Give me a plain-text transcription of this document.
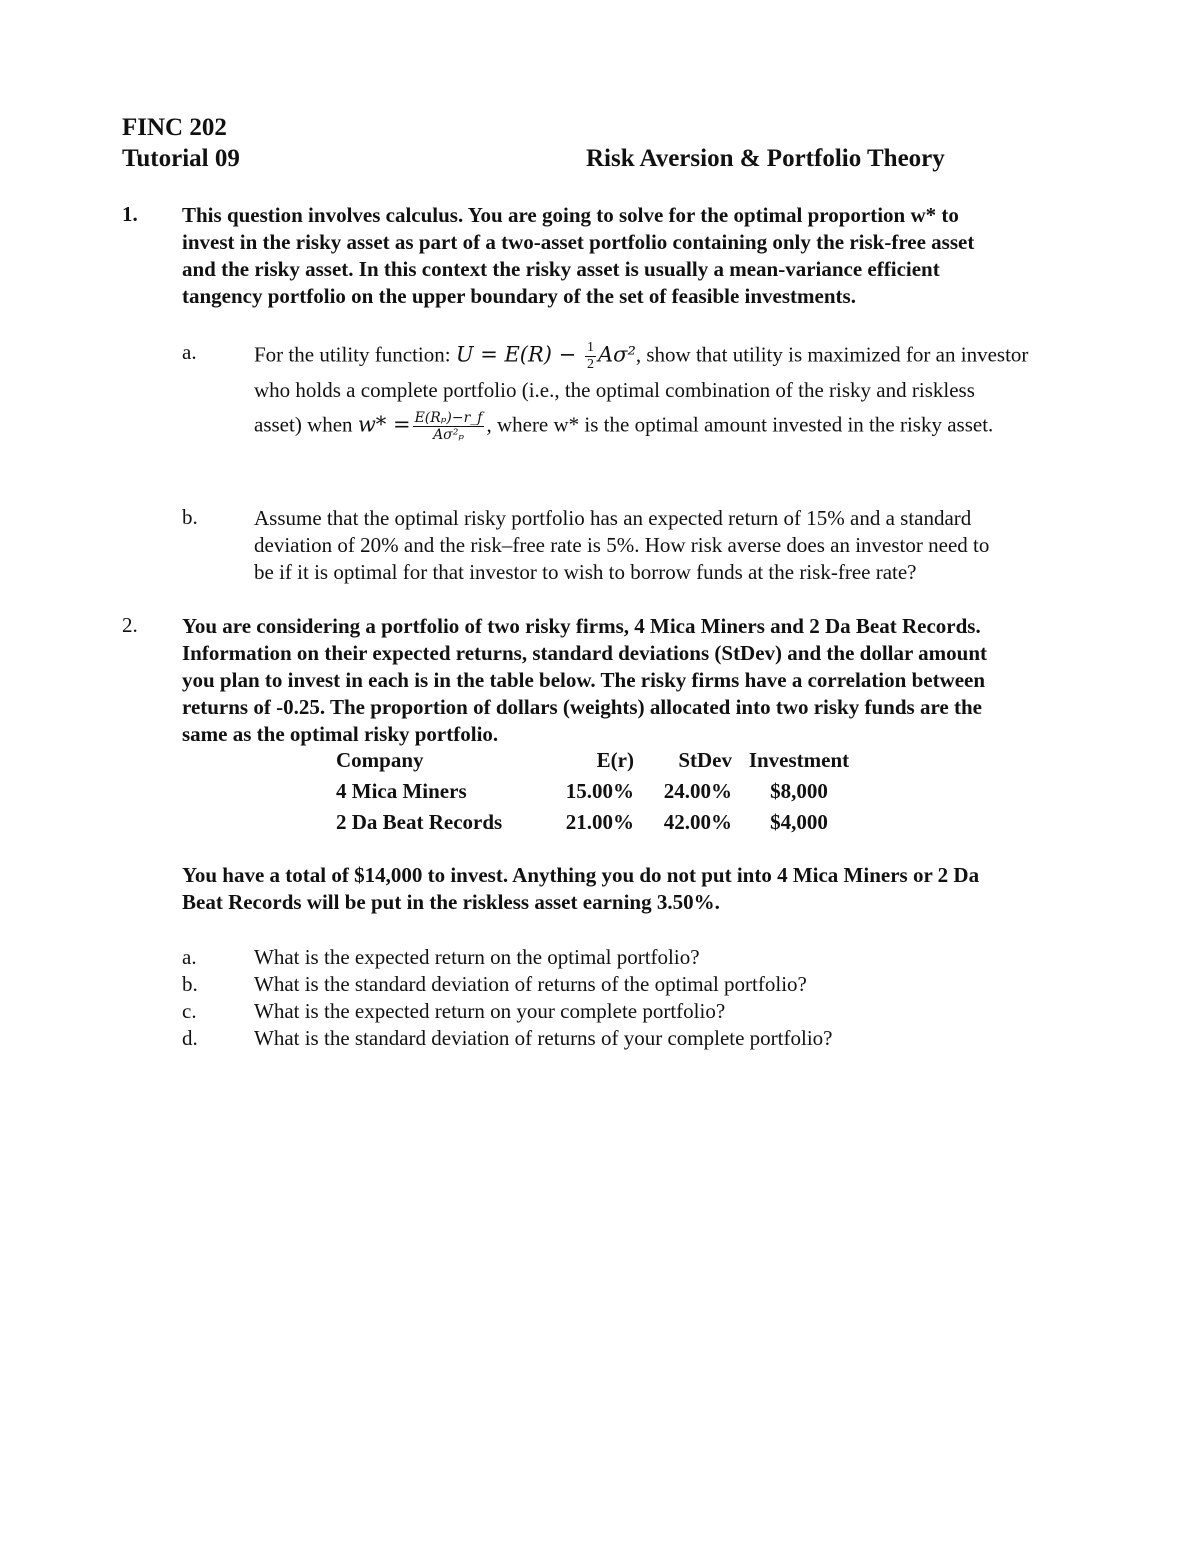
FINC 202
Tutorial 09	Risk Aversion & Portfolio Theory
1. This question involves calculus. You are going to solve for the optimal proportion w* to
invest in the risky asset as part of a two-asset portfolio containing only the risk-free asset
and the risky asset. In this context the risky asset is usually a mean-variance efficient
tangency portfolio on the upper boundary of the set of feasible investments.
a.	For the utility function: $U = E(R) - \frac{1}{2} A\sigma^2$, show that utility is maximized for an investor
who holds a complete portfolio (i.e., the optimal combination of the risky and riskless
asset) when $w* = \frac{\text{E(Rₚ)−r\_f}}{\text{Aσ²ₚ}}$ , where w* is the optimal amount invested in the risky asset.
b.	Assume that the optimal risky portfolio has an expected return of 15% and a standard
deviation of 20% and the risk–free rate is 5%. How risk averse does an investor need to
be if it is optimal for that investor to wish to borrow funds at the risk-free rate?
2. You are considering a portfolio of two risky firms, 4 Mica Miners and 2 Da Beat Records.
Information on their expected returns, standard deviations (StDev) and the dollar amount
you plan to invest in each is in the table below. The risky firms have a correlation between
returns of -0.25. The proportion of dollars (weights) allocated into two risky funds are the
same as the optimal risky portfolio.
Company	E(r)	StDev	Investment
4 Mica Miners	15.00%	24.00%	$8,000
2 Da Beat Records	21.00%	42.00%	$4,000
You have a total of $14,000 to invest. Anything you do not put into 4 Mica Miners or 2 Da
Beat Records will be put in the riskless asset earning 3.50%.
a.	What is the expected return on the optimal portfolio?
b.	What is the standard deviation of returns of the optimal portfolio?
c.	What is the expected return on your complete portfolio?
d.	What is the standard deviation of returns of your complete portfolio?
